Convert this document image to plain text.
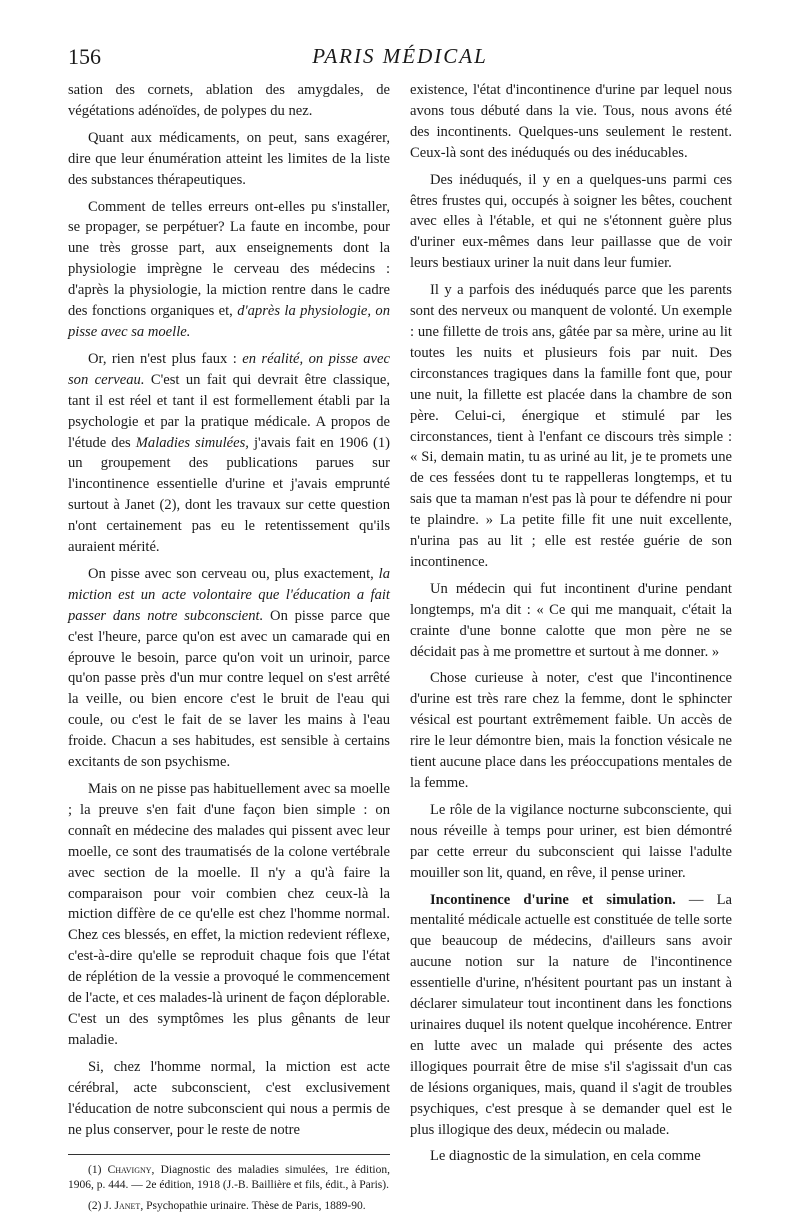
156	PARIS MÉDICAL

sation des cornets, ablation des amygdales, de végétations adénoïdes, de polypes du nez.

Quant aux médicaments, on peut, sans exagérer, dire que leur énumération atteint les limites de la liste des substances thérapeutiques.

Comment de telles erreurs ont-elles pu s'installer, se propager, se perpétuer? La faute en incombe, pour une très grosse part, aux enseignements dont la physiologie imprègne le cerveau des médecins : d'après la physiologie, la miction rentre dans le cadre des fonctions organiques et, d'après la physiologie, on pisse avec sa moelle.

Or, rien n'est plus faux : en réalité, on pisse avec son cerveau. C'est un fait qui devrait être classique, tant il est réel et tant il est formellement établi par la psychologie et par la pratique médicale. A propos de l'étude des Maladies simulées, j'avais fait en 1906 (1) un groupement des publications parues sur l'incontinence essentielle d'urine et j'avais emprunté surtout à Janet (2), dont les travaux sur cette question n'ont certainement pas eu le retentissement qu'ils auraient mérité.

On pisse avec son cerveau ou, plus exactement, la miction est un acte volontaire que l'éducation a fait passer dans notre subconscient. On pisse parce que c'est l'heure, parce qu'on est avec un camarade qui en éprouve le besoin, parce qu'on voit un urinoir, parce qu'on passe près d'un mur contre lequel on s'est arrêté la veille, ou bien encore c'est le bruit de l'eau qui coule, ou c'est le fait de se laver les mains à l'eau froide. Chacun a ses habitudes, est sensible à certains excitants de son psychisme.

Mais on ne pisse pas habituellement avec sa moelle ; la preuve s'en fait d'une façon bien simple : on connaît en médecine des malades qui pissent avec leur moelle, ce sont des traumatisés de la colone vertébrale avec section de la moelle. Il n'y a qu'à faire la comparaison pour voir combien chez ceux-là la miction diffère de ce qu'elle est chez l'homme normal. Chez ces blessés, en effet, la miction redevient réflexe, c'est-à-dire qu'elle se reproduit chaque fois que l'état de réplétion de la vessie a provoqué le commencement de l'acte, et ces malades-là urinent de façon déplorable. C'est un des symptômes les plus gênants de leur maladie.

Si, chez l'homme normal, la miction est acte cérébral, acte subconscient, c'est exclusivement l'éducation de notre subconscient qui nous a permis de ne plus conserver, pour le reste de notre

(1) Chavigny, Diagnostic des maladies simulées, 1re édition, 1906, p. 444. — 2e édition, 1918 (J.-B. Baillière et fils, édit., à Paris).

(2) J. Janet, Psychopathie urinaire. Thèse de Paris, 1889-90.

existence, l'état d'incontinence d'urine par lequel nous avons tous débuté dans la vie. Tous, nous avons été des incontinents. Quelques-uns seulement le restent. Ceux-là sont des inéduqués ou des inéducables.

Des inéduqués, il y en a quelques-uns parmi ces êtres frustes qui, occupés à soigner les bêtes, couchent avec elles à l'étable, et qui ne s'étonnent guère plus d'uriner eux-mêmes dans leur paillasse que de voir leurs bestiaux uriner la nuit dans leur fumier.

Il y a parfois des inéduqués parce que les parents sont des nerveux ou manquent de volonté. Un exemple : une fillette de trois ans, gâtée par sa mère, urine au lit toutes les nuits et plusieurs fois par nuit. Des circonstances tragiques dans la famille font que, pour une nuit, la fillette est placée dans la chambre de son père. Celui-ci, énergique et stimulé par les circonstances, tient à l'enfant ce discours très simple : « Si, demain matin, tu as uriné au lit, je te promets une de ces fessées dont tu te rappelleras longtemps, et tu sais que ta maman n'est pas là pour te défendre ni pour te plaindre. » La petite fille fit une nuit excellente, n'urina pas au lit ; elle est restée guérie de son incontinence.

Un médecin qui fut incontinent d'urine pendant longtemps, m'a dit : « Ce qui me manquait, c'était la crainte d'une bonne calotte que mon père ne se décidait pas à me promettre et surtout à me donner. »

Chose curieuse à noter, c'est que l'incontinence d'urine est très rare chez la femme, dont le sphincter vésical est pourtant extrêmement faible. Un accès de rire le leur démontre bien, mais la fonction vésicale ne tient aucune place dans les préoccupations mentales de la femme.

Le rôle de la vigilance nocturne subconsciente, qui nous réveille à temps pour uriner, est bien démontré par cette erreur du subconscient qui laisse l'adulte mouiller son lit, quand, en rêve, il pense uriner.

Incontinence d'urine et simulation. — La mentalité médicale actuelle est constituée de telle sorte que beaucoup de médecins, d'ailleurs sans avoir aucune notion sur la nature de l'incontinence essentielle d'urine, n'hésitent pourtant pas un instant à déclarer simulateur tout incontinent dans les fonctions urinaires duquel ils notent quelque incohérence. Entrer en lutte avec un malade qui présente des actes illogiques pourrait être de mise s'il s'agissait d'un cas de lésions organiques, mais, quand il s'agit de troubles psychiques, c'est presque à se demander quel est le plus illogique des deux, médecin ou malade.

Le diagnostic de la simulation, en cela comme
